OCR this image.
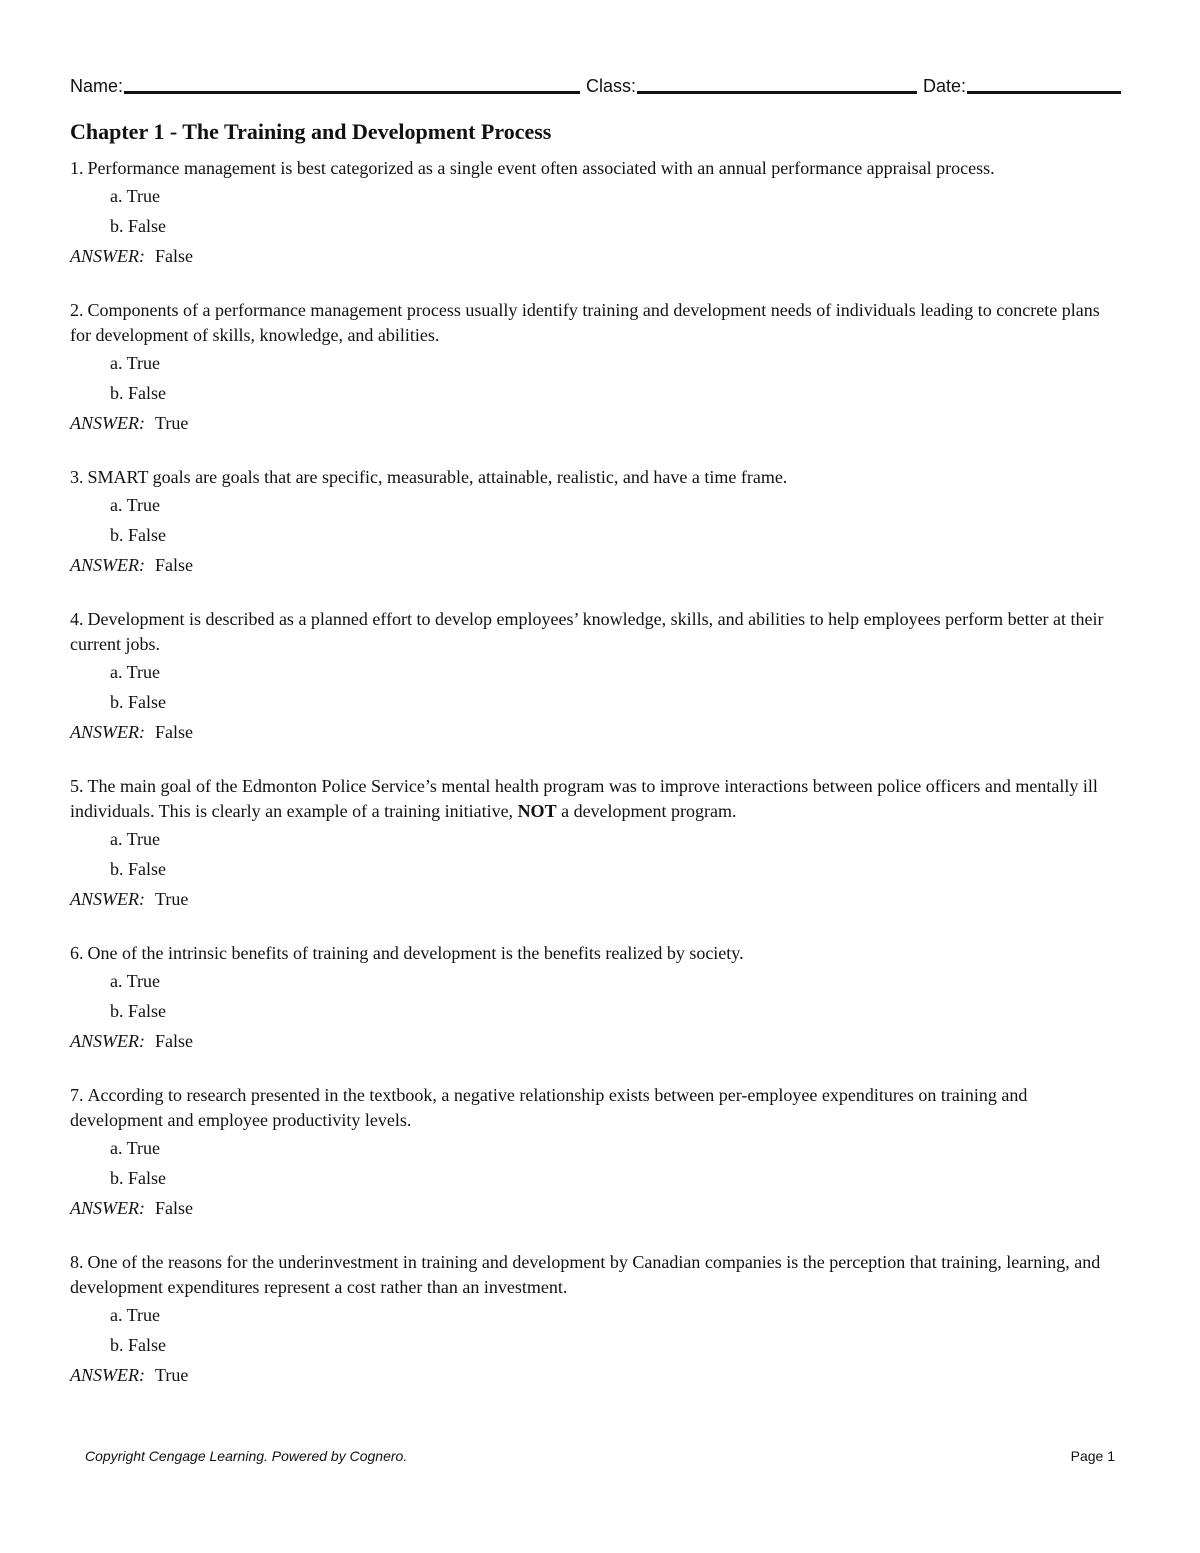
Name:	Class:	Date:
Chapter 1 - The Training and Development Process
1. Performance management is best categorized as a single event often associated with an annual performance appraisal process.
a. True
b. False
ANSWER: False
2. Components of a performance management process usually identify training and development needs of individuals leading to concrete plans for development of skills, knowledge, and abilities.
a. True
b. False
ANSWER: True
3. SMART goals are goals that are specific, measurable, attainable, realistic, and have a time frame.
a. True
b. False
ANSWER: False
4. Development is described as a planned effort to develop employees’ knowledge, skills, and abilities to help employees perform better at their current jobs.
a. True
b. False
ANSWER: False
5. The main goal of the Edmonton Police Service’s mental health program was to improve interactions between police officers and mentally ill individuals. This is clearly an example of a training initiative, NOT a development program.
a. True
b. False
ANSWER: True
6. One of the intrinsic benefits of training and development is the benefits realized by society.
a. True
b. False
ANSWER: False
7. According to research presented in the textbook, a negative relationship exists between per-employee expenditures on training and development and employee productivity levels.
a. True
b. False
ANSWER: False
8. One of the reasons for the underinvestment in training and development by Canadian companies is the perception that training, learning, and development expenditures represent a cost rather than an investment.
a. True
b. False
ANSWER: True
Copyright Cengage Learning. Powered by Cognero.	Page 1
